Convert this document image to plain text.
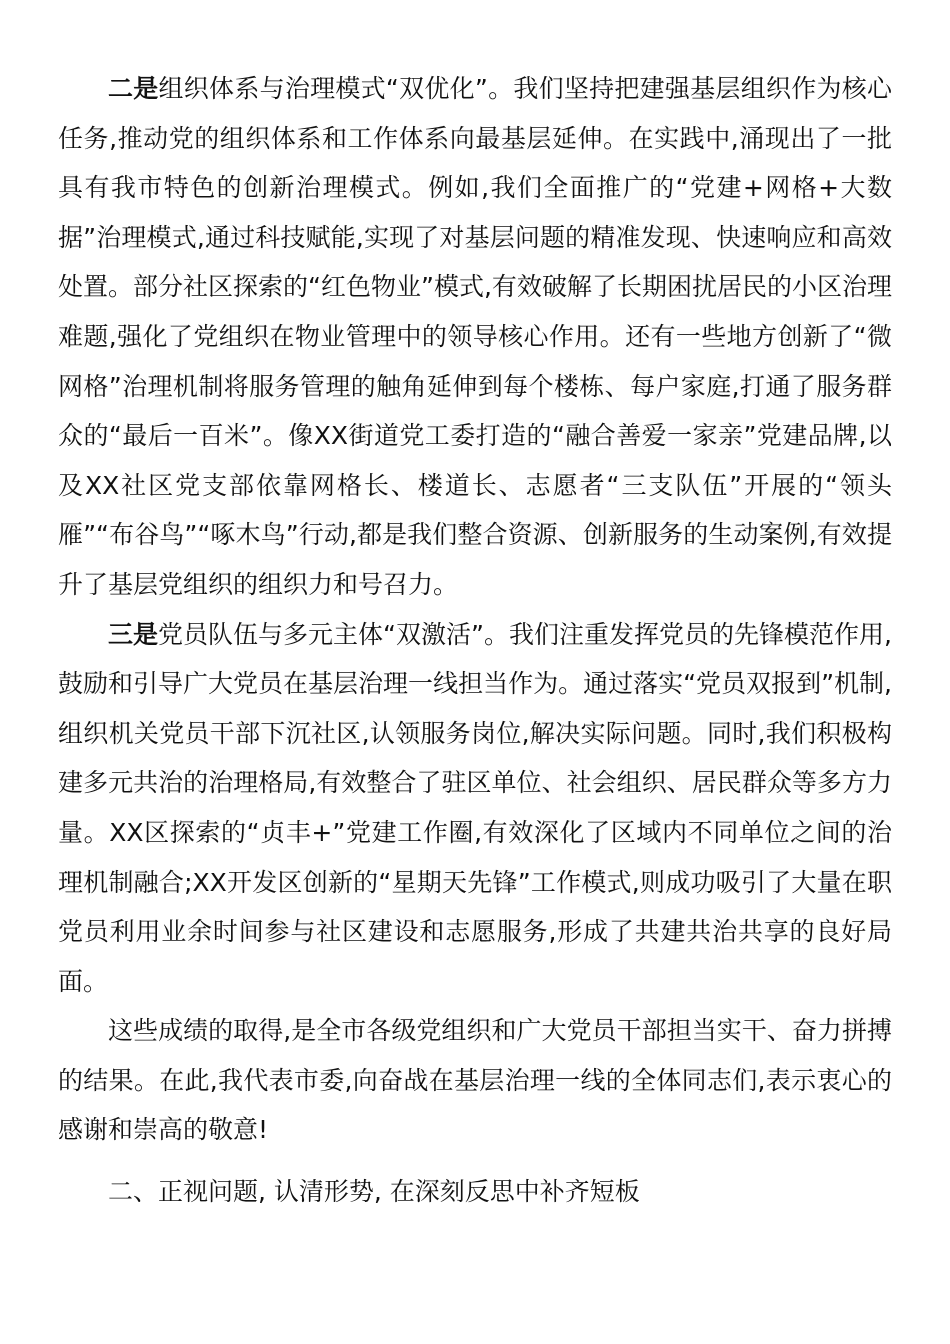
二是组织体系与治理模式“双优化”。我们坚持把建强基层组织作为核心任务,推动党的组织体系和工作体系向最基层延伸。在实践中,涌现出了一批具有我市特色的创新治理模式。例如,我们全面推广的“党建+网格+大数据”治理模式,通过科技赋能,实现了对基层问题的精准发现、快速响应和高效处置。部分社区探索的“红色物业”模式,有效破解了长期困扰居民的小区治理难题,强化了党组织在物业管理中的领导核心作用。还有一些地方创新了“微网格”治理机制将服务管理的触角延伸到每个楼栋、每户家庭,打通了服务群众的“最后一百米”。像XX街道党工委打造的“融合善爱一家亲”党建品牌,以及XX社区党支部依靠网格长、楼道长、志愿者“三支队伍”开展的“领头雁”“布谷鸟”“啄木鸟”行动,都是我们整合资源、创新服务的生动案例,有效提升了基层党组织的组织力和号召力。

三是党员队伍与多元主体“双激活”。我们注重发挥党员的先锋模范作用,鼓励和引导广大党员在基层治理一线担当作为。通过落实“党员双报到”机制,组织机关党员干部下沉社区,认领服务岗位,解决实际问题。同时,我们积极构建多元共治的治理格局,有效整合了驻区单位、社会组织、居民群众等多方力量。XX区探索的“贞丰+”党建工作圈,有效深化了区域内不同单位之间的治理机制融合;XX开发区创新的“星期天先锋”工作模式,则成功吸引了大量在职党员利用业余时间参与社区建设和志愿服务,形成了共建共治共享的良好局面。

这些成绩的取得,是全市各级党组织和广大党员干部担当实干、奋力拼搏的结果。在此,我代表市委,向奋战在基层治理一线的全体同志们,表示衷心的感谢和崇高的敬意!

二、正视问题, 认清形势, 在深刻反思中补齐短板
